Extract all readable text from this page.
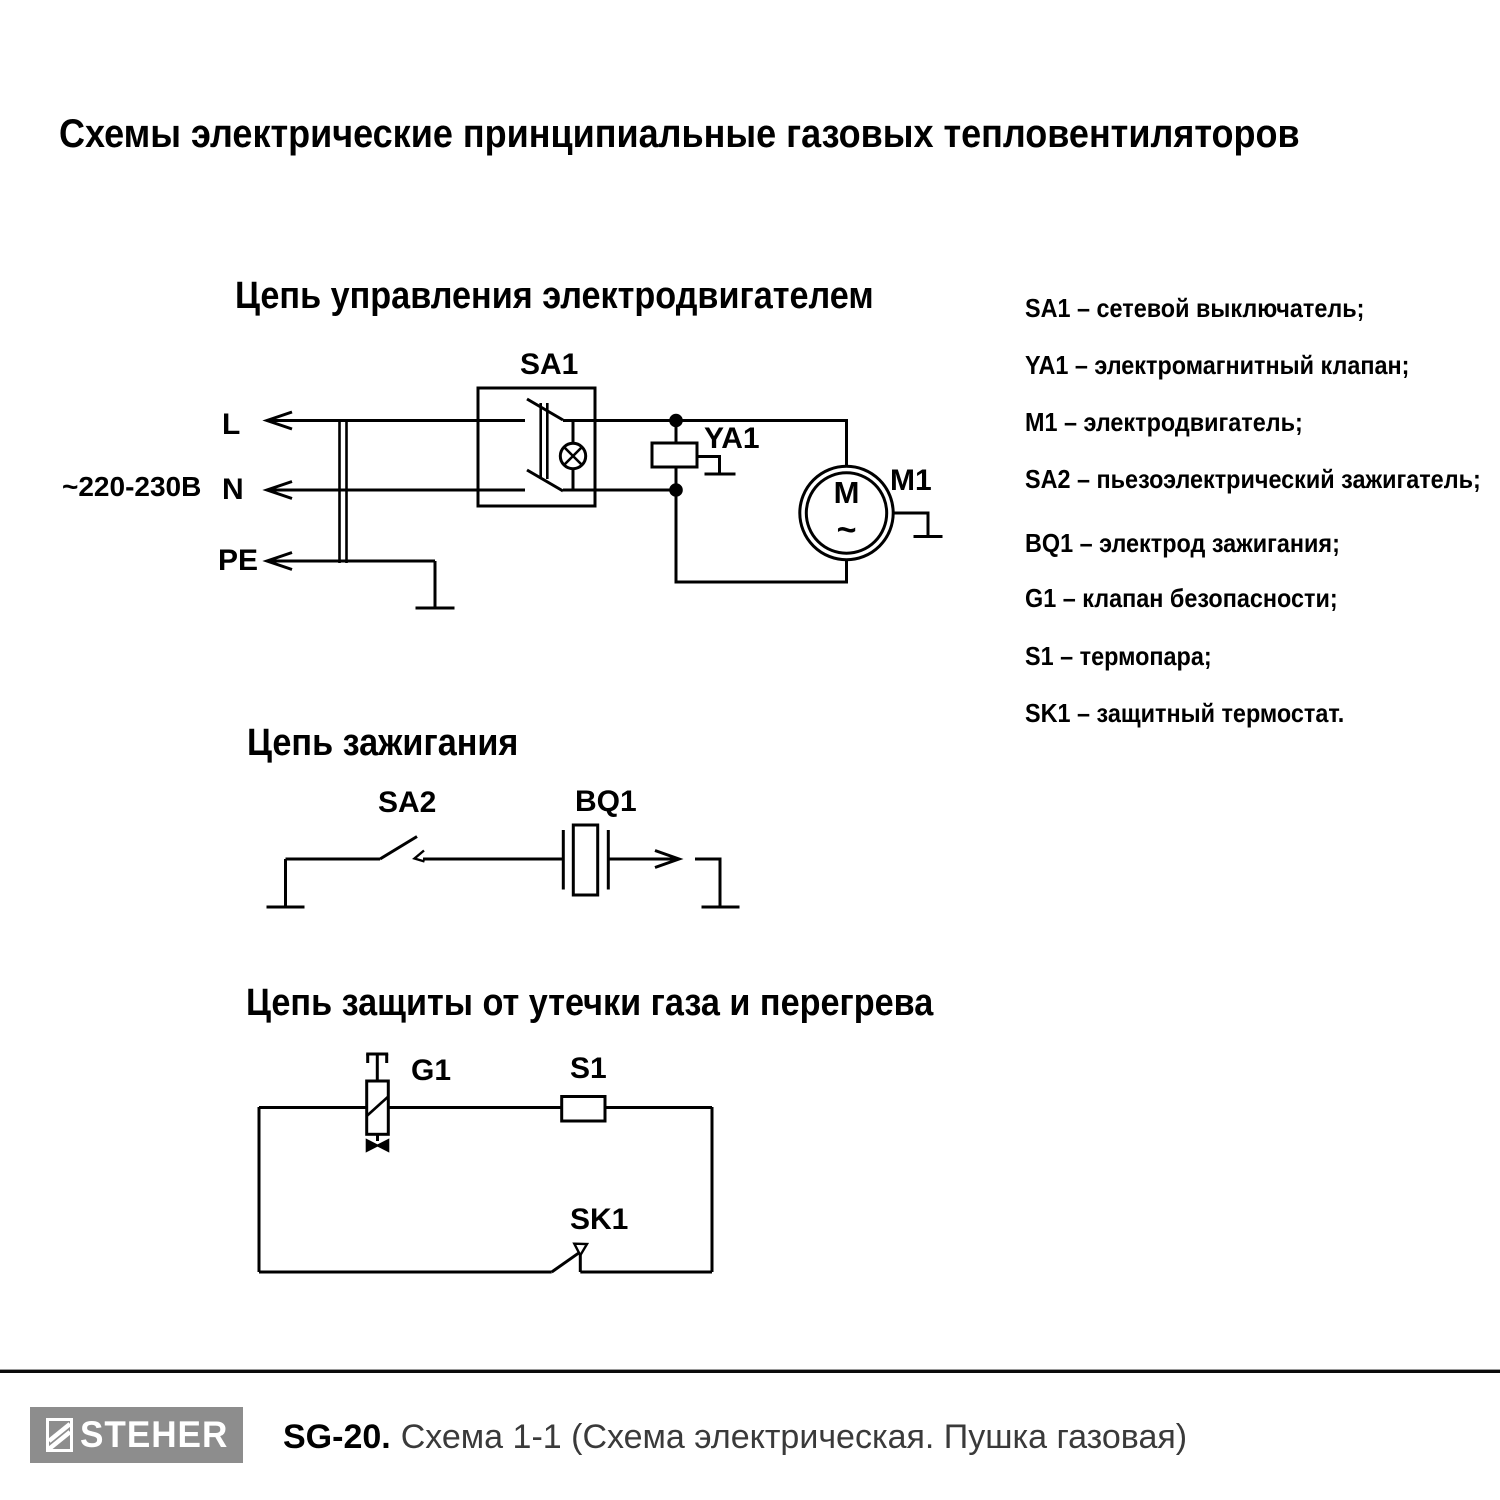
Схемы электрические принципиальные газовых тепловентиляторов
Цепь управления электродвигателем
Цепь зажигания
Цепь защиты от утечки газа и перегрева
SA1 – сетевой выключатель;
YA1 – электромагнитный клапан;
M1 – электродвигатель;
SA2 – пьезоэлектрический зажигатель;
BQ1 – электрод зажигания;
G1 – клапан безопасности;
S1 – термопара;
SK1 – защитный термостат.
M
~
~220-230В
L
N
PE
SA1
YA1
M1
SA2	BQ1
G1	S1
SK1
STEHER SG-20. Схема 1-1 (Схема электрическая. Пушка газовая)
